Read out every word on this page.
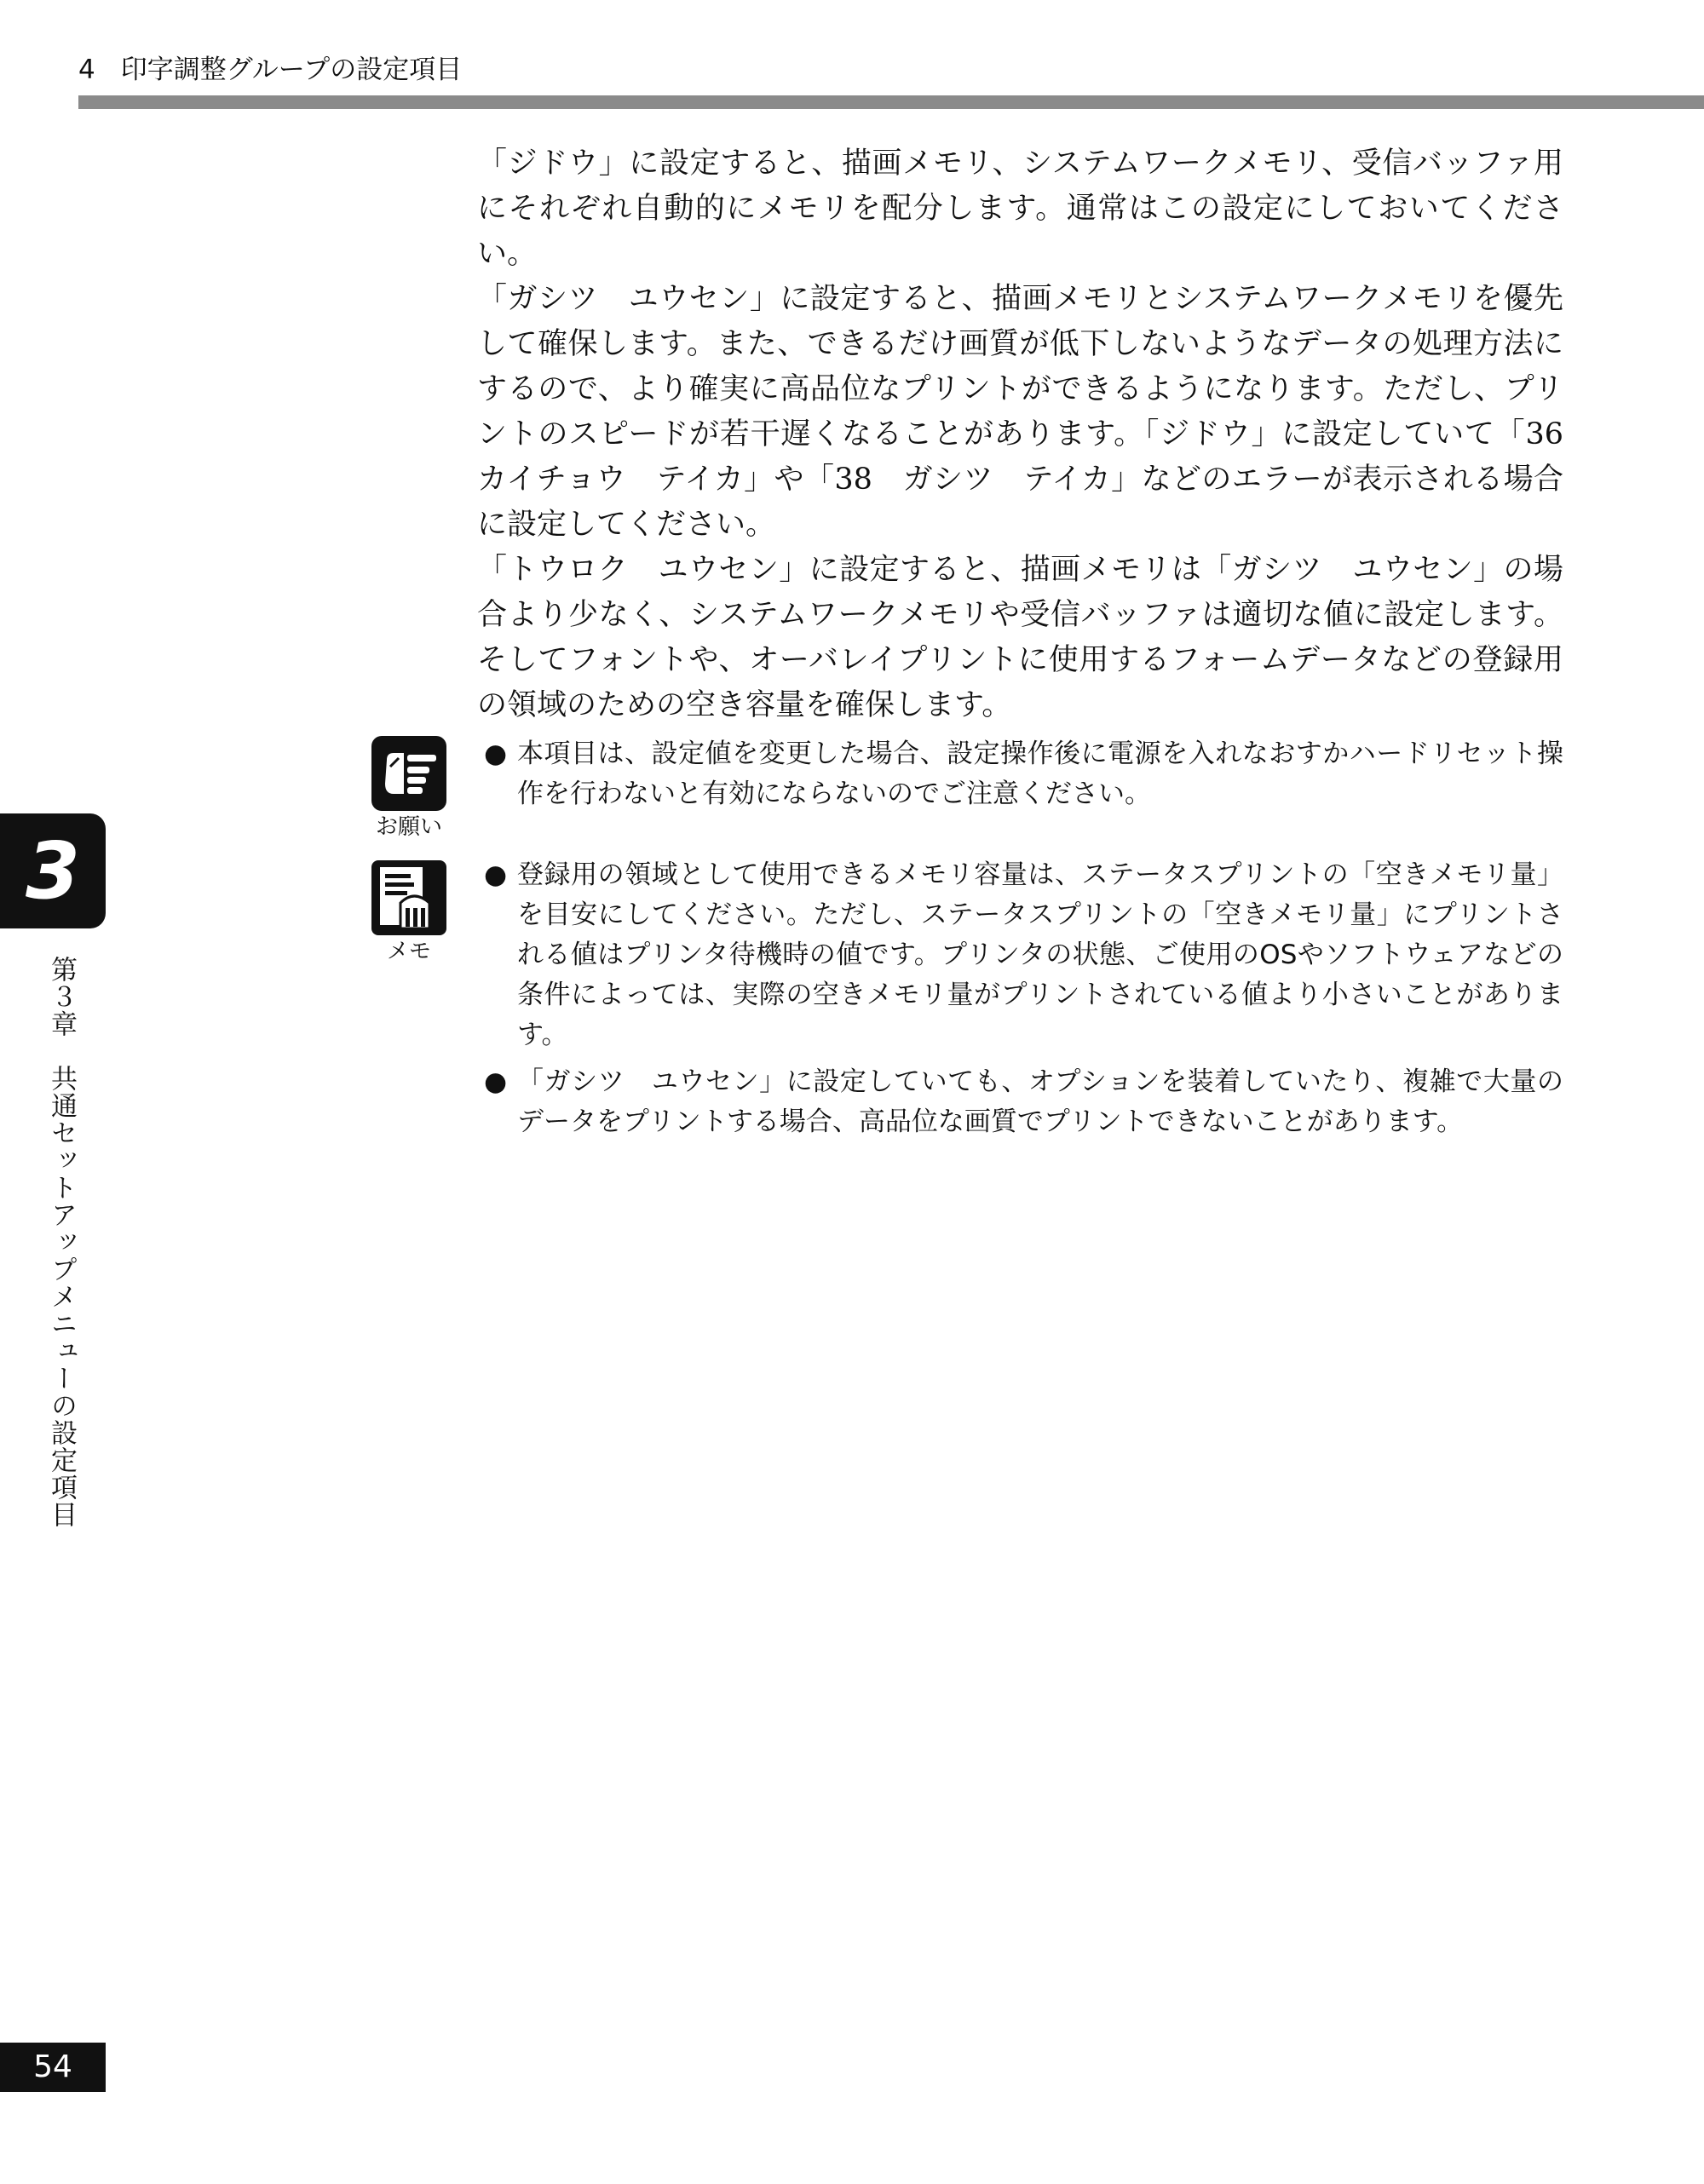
4 印字調整グループの設定項目

「ジドウ」に設定すると、描画メモリ、システムワークメモリ、受信バッファ用にそれぞれ自動的にメモリを配分します。通常はこの設定にしておいてください。

「ガシツ　ユウセン」に設定すると、描画メモリとシステムワークメモリを優先して確保します。また、できるだけ画質が低下しないようなデータの処理方法にするので、より確実に高品位なプリントができるようになります。ただし、プリントのスピードが若干遅くなることがあります。「ジドウ」に設定していて「36　カイチョウ　テイカ」や「38　ガシツ　テイカ」などのエラーが表示される場合に設定してください。

「トウロク　ユウセン」に設定すると、描画メモリは「ガシツ　ユウセン」の場合より少なく、システムワークメモリや受信バッファは適切な値に設定します。そしてフォントや、オーバレイプリントに使用するフォームデータなどの登録用の領域のための空き容量を確保します。

お願い
● 本項目は、設定値を変更した場合、設定操作後に電源を入れなおすかハードリセット操作を行わないと有効にならないのでご注意ください。
メモ
● 登録用の領域として使用できるメモリ容量は、ステータスプリントの「空きメモリ量」を目安にしてください。ただし、ステータスプリントの「空きメモリ量」にプリントされる値はプリンタ待機時の値です。プリンタの状態、ご使用のOSやソフトウェアなどの条件によっては、実際の空きメモリ量がプリントされている値より小さいことがあります。
● 「ガシツ　ユウセン」に設定していても、オプションを装着していたり、複雑で大量のデータをプリントする場合、高品位な画質でプリントできないことがあります。
3
第３章　共通セットアップメニューの設定項目
54
